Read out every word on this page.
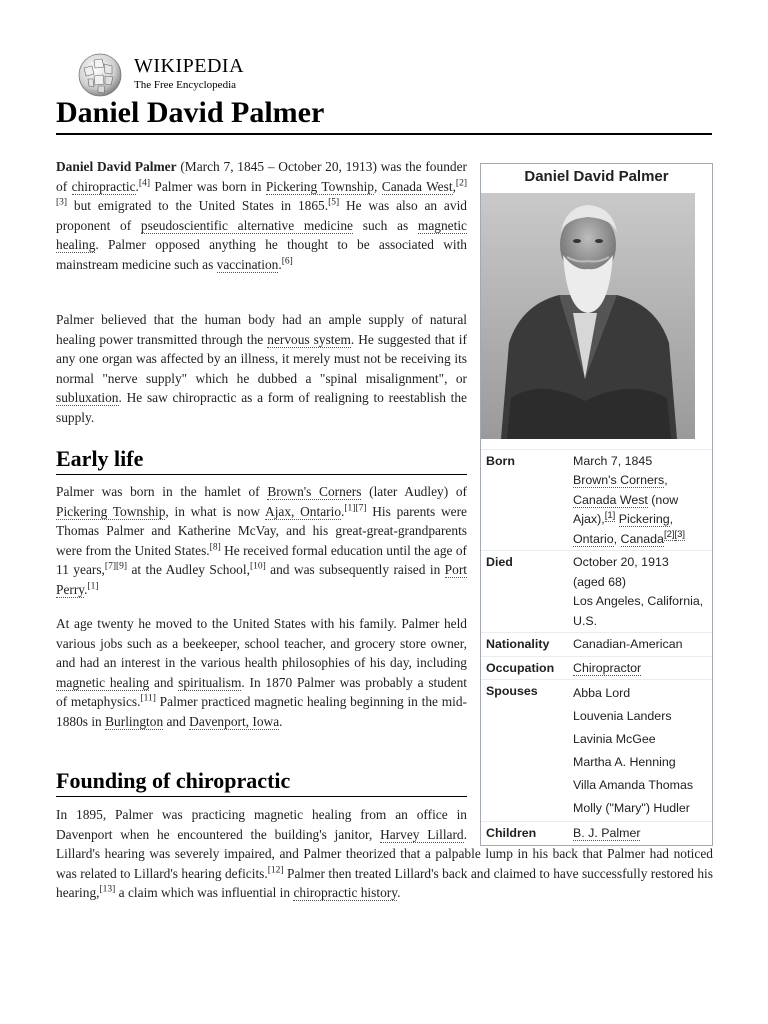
WIKIPEDIA
The Free Encyclopedia
Daniel David Palmer

Daniel David Palmer (March 7, 1845 – October 20, 1913) was the founder of chiropractic.[4] Palmer was born in Pickering Township, Canada West,[2][3] but emigrated to the United States in 1865.[5] He was also an avid proponent of pseudoscientific alternative medicine such as magnetic healing. Palmer opposed anything he thought to be associated with mainstream medicine such as vaccination.[6]

Palmer believed that the human body had an ample supply of natural healing power transmitted through the nervous system. He suggested that if any one organ was affected by an illness, it merely must not be receiving its normal "nerve supply" which he dubbed a "spinal misalignment", or subluxation. He saw chiropractic as a form of realigning to reestablish the supply.

Early life

Palmer was born in the hamlet of Brown's Corners (later Audley) of Pickering Township, in what is now Ajax, Ontario.[1][7] His parents were Thomas Palmer and Katherine McVay, and his great-great-grandparents were from the United States.[8] He received formal education until the age of 11 years,[7][9] at the Audley School,[10] and was subsequently raised in Port Perry.[1]

At age twenty he moved to the United States with his family. Palmer held various jobs such as a beekeeper, school teacher, and grocery store owner, and had an interest in the various health philosophies of his day, including magnetic healing and spiritualism. In 1870 Palmer was probably a student of metaphysics.[11] Palmer practiced magnetic healing beginning in the mid-1880s in Burlington and Davenport, Iowa.

Founding of chiropractic

In 1895, Palmer was practicing magnetic healing from an office in Davenport when he encountered the building's janitor, Harvey Lillard. Lillard's hearing was severely impaired, and Palmer theorized that a palpable lump in his back that Palmer had noticed was related to Lillard's hearing deficits.[12] Palmer then treated Lillard's back and claimed to have successfully restored his hearing,[13] a claim which was influential in chiropractic history.

Daniel David Palmer
Born	March 7, 1845
Brown's Corners, Canada West (now Ajax),[1] Pickering, Ontario, Canada[2][3]
Died	October 20, 1913
(aged 68)
Los Angeles, California, U.S.
Nationality	Canadian-American
Occupation	Chiropractor
Spouses	Abba Lord
Louvenia Landers
Lavinia McGee
Martha A. Henning
Villa Amanda Thomas
Molly ("Mary") Hudler
Children	B. J. Palmer
